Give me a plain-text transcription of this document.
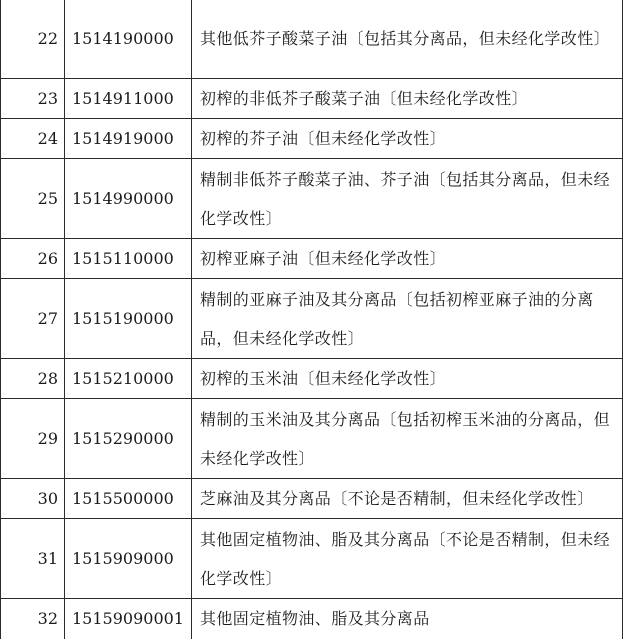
22	1514190000	其他低芥子酸菜子油〔包括其分离品，但未经化学改性〕
23	1514911000	初榨的非低芥子酸菜子油〔但未经化学改性〕
24	1514919000	初榨的芥子油〔但未经化学改性〕
25	1514990000	精制非低芥子酸菜子油、芥子油〔包括其分离品，但未经化学改性〕
26	1515110000	初榨亚麻子油〔但未经化学改性〕
27	1515190000	精制的亚麻子油及其分离品〔包括初榨亚麻子油的分离品，但未经化学改性〕
28	1515210000	初榨的玉米油〔但未经化学改性〕
29	1515290000	精制的玉米油及其分离品〔包括初榨玉米油的分离品，但未经化学改性〕
30	1515500000	芝麻油及其分离品〔不论是否精制，但未经化学改性〕
31	1515909000	其他固定植物油、脂及其分离品〔不论是否精制，但未经化学改性〕
32	15159090001	其他固定植物油、脂及其分离品
